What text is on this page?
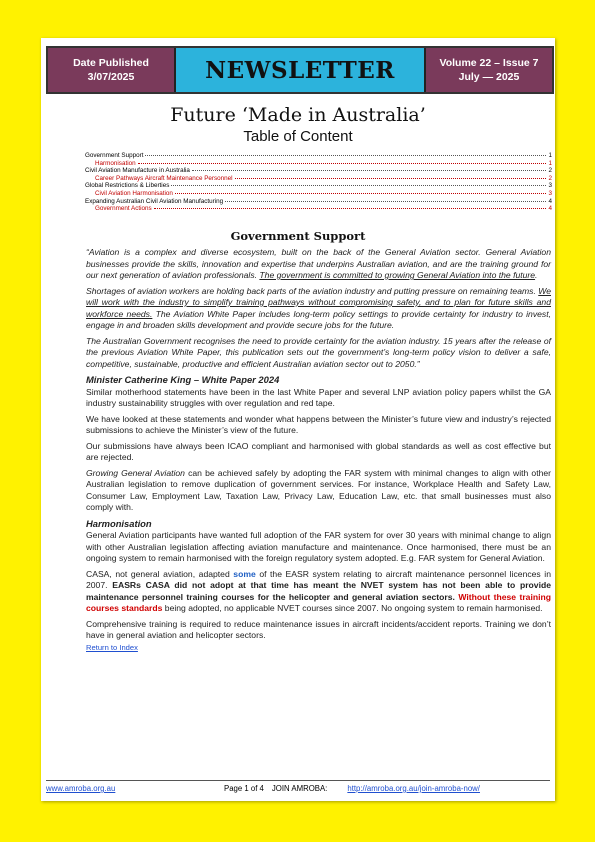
Date Published
3/07/2025	NEWSLETTER	Volume 22 – Issue 7
July — 2025
Future ‘Made in Australia’
Table of Content
Government Support	1
Harmonisation	1
Civil Aviation Manufacture in Australia	2
Career Pathways Aircraft Maintenance Personnel	2
Global Restrictions & Liberties	3
Civil Aviation Harmonisation	3
Expanding Australian Civil Aviation Manufacturing	4
Government Actions	4
Government Support

“Aviation is a complex and diverse ecosystem, built on the back of the General Aviation sector. General Aviation businesses provide the skills, innovation and expertise that underpins Australian aviation, and are the training ground for our next generation of aviation professionals. The government is committed to growing General Aviation into the future.

Shortages of aviation workers are holding back parts of the aviation industry and putting pressure on remaining teams. We will work with the industry to simplify training pathways without compromising safety, and to plan for future skills and workforce needs. The Aviation White Paper includes long-term policy settings to provide certainty for industry to invest, engage in and broaden skills development and provide secure jobs for the future.

The Australian Government recognises the need to provide certainty for the aviation industry. 15 years after the release of the previous Aviation White Paper, this publication sets out the government’s long-term policy vision to deliver a safe, competitive, sustainable, productive and efficient Australian aviation sector out to 2050.”

Minister Catherine King – White Paper 2024

Similar motherhood statements have been in the last White Paper and several LNP aviation policy papers whilst the GA industry sustainability struggles with over regulation and red tape.

We have looked at these statements and wonder what happens between the Minister’s future view and industry’s rejected submissions to achieve the Minister’s view of the future.

Our submissions have always been ICAO compliant and harmonised with global standards as well as cost effective but are rejected.

Growing General Aviation can be achieved safely by adopting the FAR system with minimal changes to align with other Australian legislation to remove duplication of government services. For instance, Workplace Health and Safety Law, Consumer Law, Employment Law, Taxation Law, Privacy Law, Education Law, etc. that small businesses must also comply with.

Harmonisation

General Aviation participants have wanted full adoption of the FAR system for over 30 years with minimal change to align with other Australian legislation affecting aviation manufacture and maintenance. Once harmonised, there must be an ongoing system to remain harmonised with the foreign regulatory system adopted. E.g. FAR system for General Aviation.

CASA, not general aviation, adapted some of the EASR system relating to aircraft maintenance personnel licences in 2007. EASRs CASA did not adopt at that time has meant the NVET system has not been able to provide maintenance personnel training courses for the helicopter and general aviation sectors. Without these training courses standards being adopted, no applicable NVET courses since 2007. No ongoing system to remain harmonised.

Comprehensive training is required to reduce maintenance issues in aircraft incidents/accident reports. Training we don’t have in general aviation and helicopter sectors.

Return to Index
www.amroba.org.au	Page 1 of 4 JOIN AMROBA:	http://amroba.org.au/join-amroba-now/
